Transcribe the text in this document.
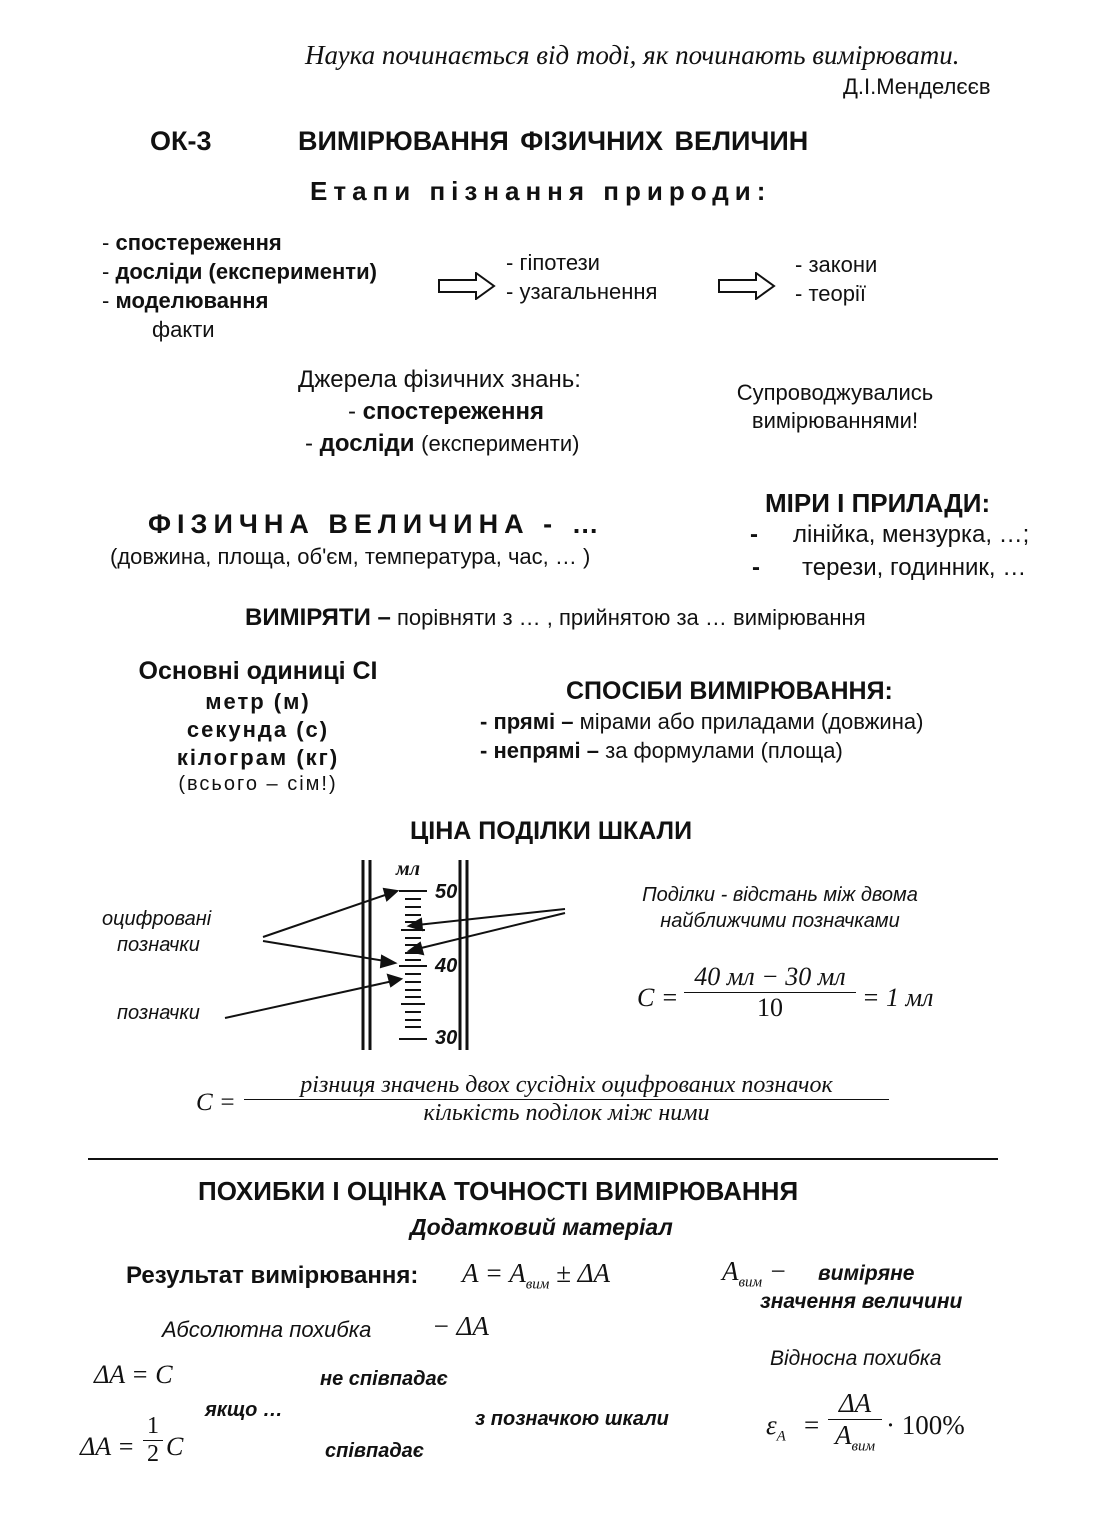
Наука починається від тоді, як починають вимірювати.
Д.І.Менделєєв
ОК-3	ВИМІРЮВАННЯ ФІЗИЧНИХ ВЕЛИЧИН
Етапи пізнання природи:
- спостереження
- досліди (експерименти)
- моделювання
факти
- гіпотези
- узагальнення
- закони
- теорії
Джерела фізичних знань:
- спостереження
- досліди (експерименти)
Супроводжувались
вимірюваннями!
ФІЗИЧНА ВЕЛИЧИНА - …
(довжина, площа, об'єм, температура, час, … )
МІРИ І ПРИЛАДИ:
- лінійка, мензурка, …;
- терези, годинник, …
ВИМІРЯТИ – порівняти з … , прийнятою за … вимірювання
Основні одиниці СІ
метр (м)
секунда (с)
кілограм (кг)
(всього – сім!)
СПОСІБИ ВИМІРЮВАННЯ:
- прямі – мірами або приладами (довжина)
- непрямі – за формулами (площа)
ЦІНА ПОДІЛКИ ШКАЛИ
мл
50
40
30
оцифровані
позначки
позначки
Поділки - відстань між двома
найближчими позначками
C =
40 мл − 30 мл
10	= 1 мл
C =
різниця значень двох сусідніх оцифрованих позначок
кількість поділок між ними
ПОХИБКИ І ОЦІНКА ТОЧНОСТІ ВИМІРЮВАННЯ
Додатковий матеріал
Результат вимірювання: $A = A_{вим} \pm \Delta A$	$A_{вим}$ − виміряне
значення величини
Абсолютна похибка − ΔA
Відносна похибка
ΔA = C
ΔA =
1
2 C
не співпадає
якщо …	з позначкою шкали
співпадає
$\varepsilon_A$ =
ΔA
$A_{вим}$
· 100%
